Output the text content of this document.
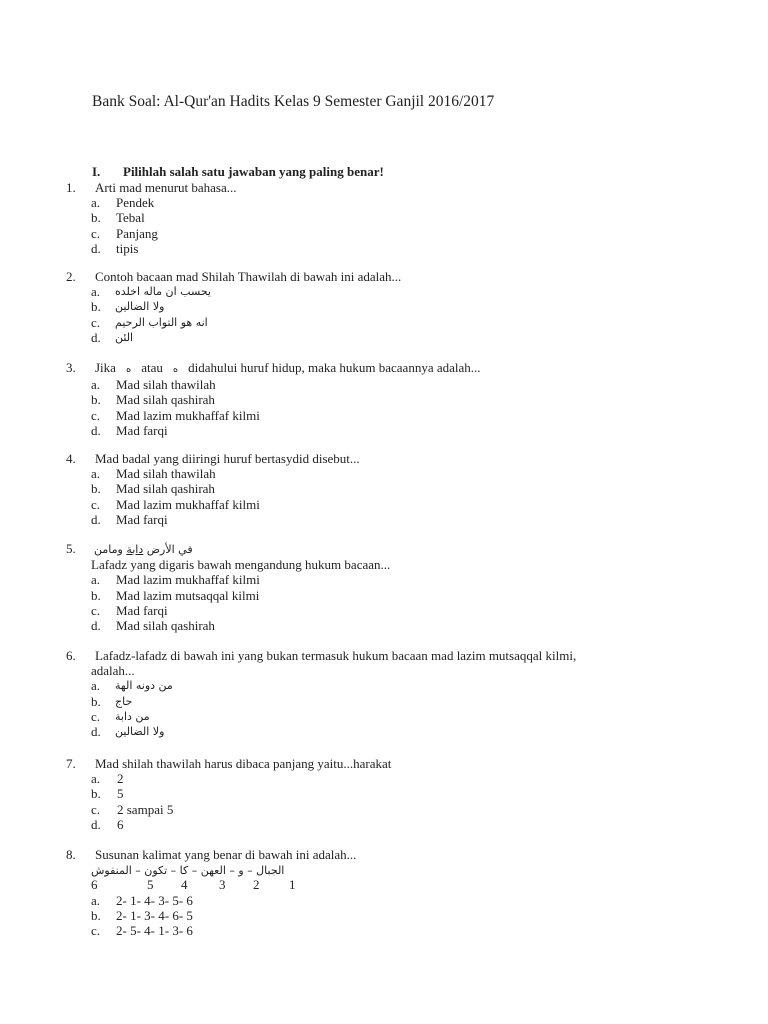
Bank Soal: Al-Qur'an Hadits Kelas 9 Semester Ganjil 2016/2017
I. Pilihlah salah satu jawaban yang paling benar!
1. Arti mad menurut bahasa...
a. Pendek
b. Tebal
c. Panjang
d. tipis
2. Contoh bacaan mad Shilah Thawilah di bawah ini adalah...
a. يحسب ان ماله اخلده
b. ولا الضالين
c. انه هو التواب الرحيم
d. الئن
3. Jika ه atau ه didahului huruf hidup, maka hukum bacaannya adalah...
a. Mad silah thawilah
b. Mad silah qashirah
c. Mad lazim mukhaffaf kilmi
d. Mad farqi
4. Mad badal yang diiringi huruf bertasydid disebut...
a. Mad silah thawilah
b. Mad silah qashirah
c. Mad lazim mukhaffaf kilmi
d. Mad farqi
5.	في الأرض دابة ومامن
Lafadz yang digaris bawah mengandung hukum bacaan...
a. Mad lazim mukhaffaf kilmi
b. Mad lazim mutsaqqal kilmi
c. Mad farqi
d. Mad silah qashirah
6. Lafadz-lafadz di bawah ini yang bukan termasuk hukum bacaan mad lazim mutsaqqal kilmi,
adalah...
a. من دونه الهة
b. حاج
c. من دابة
d. ولا الضالين
7. Mad shilah thawilah harus dibaca panjang yaitu...harakat
a. 2
b. 5
c. 2 sampai 5
d. 6
8. Susunan kalimat yang benar di bawah ini adalah...
الجبال – و – العهن – كا – تكون – المنفوش
6	5 4 3 2 1
a. 2- 1- 4- 3- 5- 6
b. 2- 1- 3- 4- 6- 5
c. 2- 5- 4- 1- 3- 6
